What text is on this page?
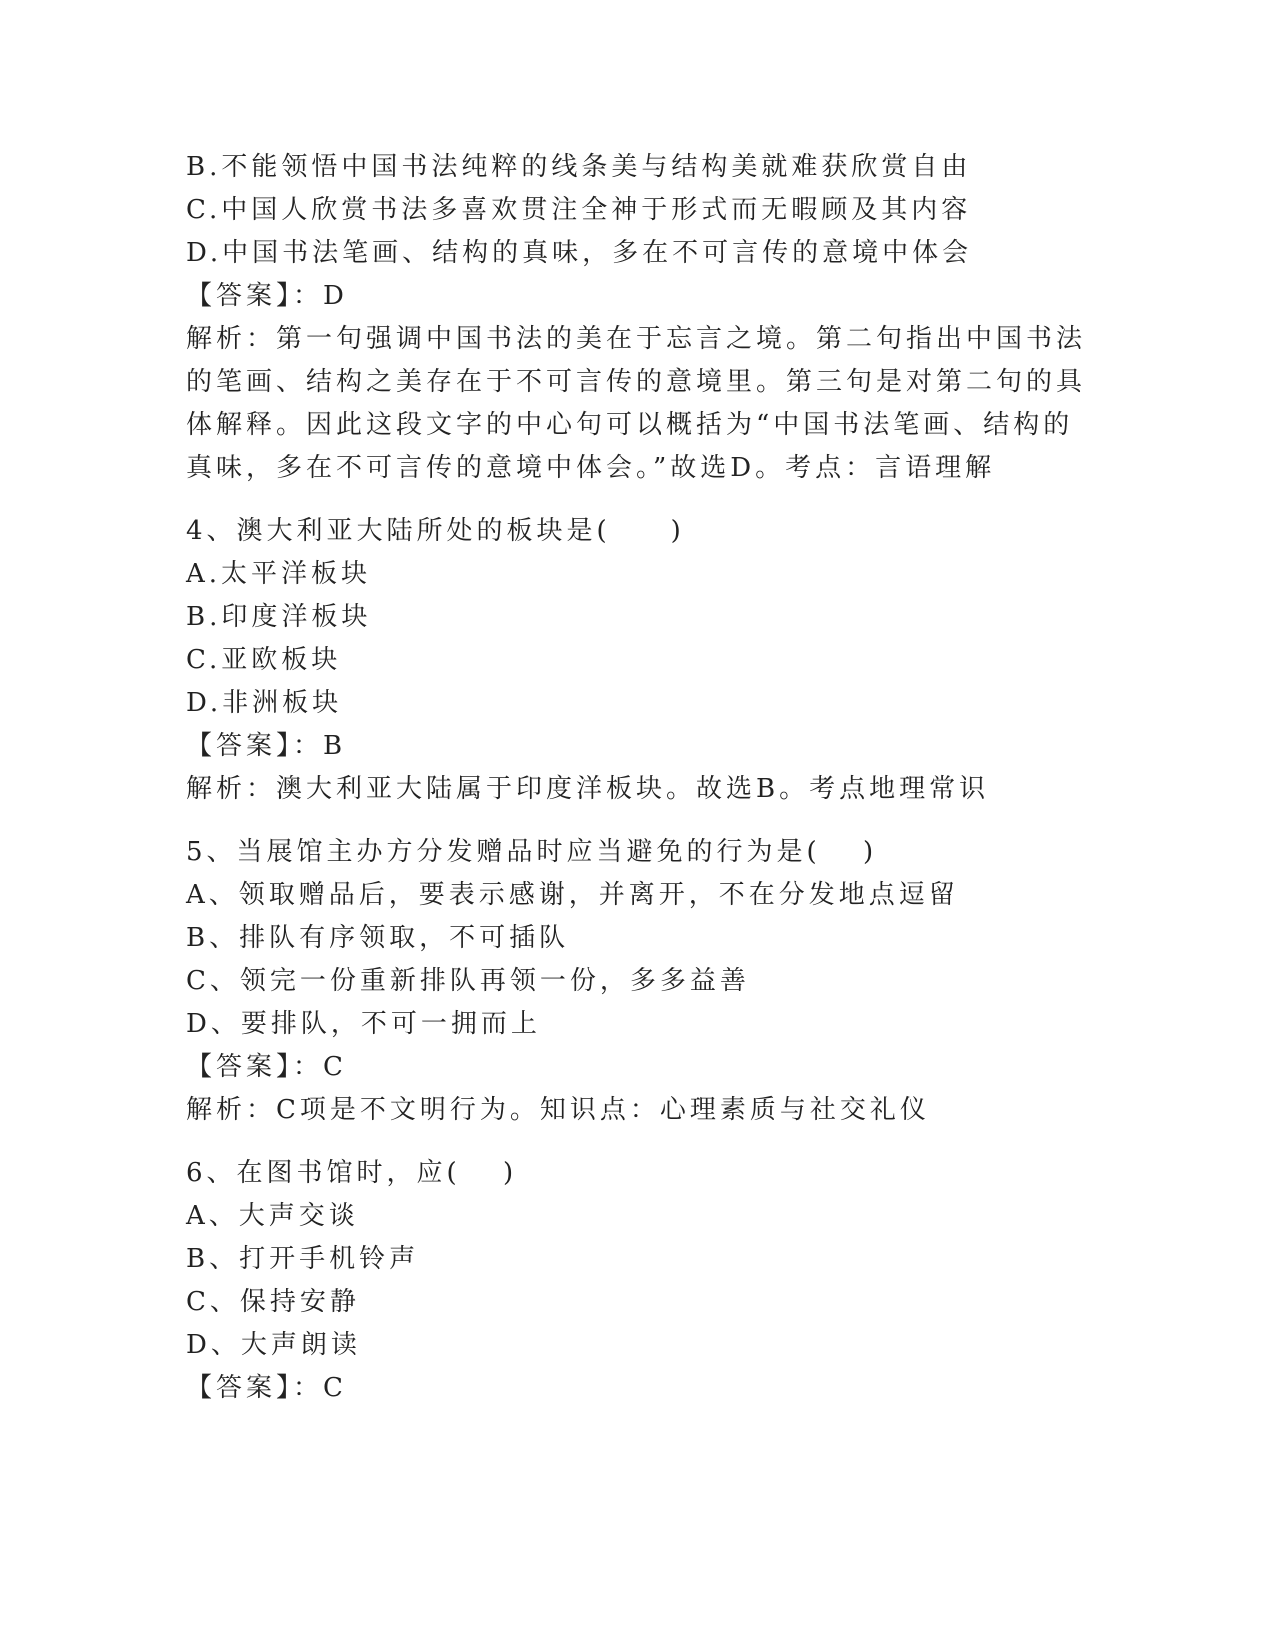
B.不能领悟中国书法纯粹的线条美与结构美就难获欣赏自由
C.中国人欣赏书法多喜欢贯注全神于形式而无暇顾及其内容
D.中国书法笔画、结构的真味，多在不可言传的意境中体会
【答案】：D
解析：第一句强调中国书法的美在于忘言之境。第二句指出中国书法
的笔画、结构之美存在于不可言传的意境里。第三句是对第二句的具
体解释。因此这段文字的中心句可以概括为“中国书法笔画、结构的
真味，多在不可言传的意境中体会。”故选D。考点：言语理解
4、澳大利亚大陆所处的板块是(　　)
A.太平洋板块
B.印度洋板块
C.亚欧板块
D.非洲板块
【答案】：B
解析：澳大利亚大陆属于印度洋板块。故选B。考点地理常识
5、当展馆主办方分发赠品时应当避免的行为是(　 )
A、领取赠品后，要表示感谢，并离开，不在分发地点逗留
B、排队有序领取，不可插队
C、领完一份重新排队再领一份，多多益善
D、要排队，不可一拥而上
【答案】：C
解析：C项是不文明行为。知识点：心理素质与社交礼仪
6、在图书馆时，应(　 )
A、大声交谈
B、打开手机铃声
C、保持安静
D、大声朗读
【答案】：C
